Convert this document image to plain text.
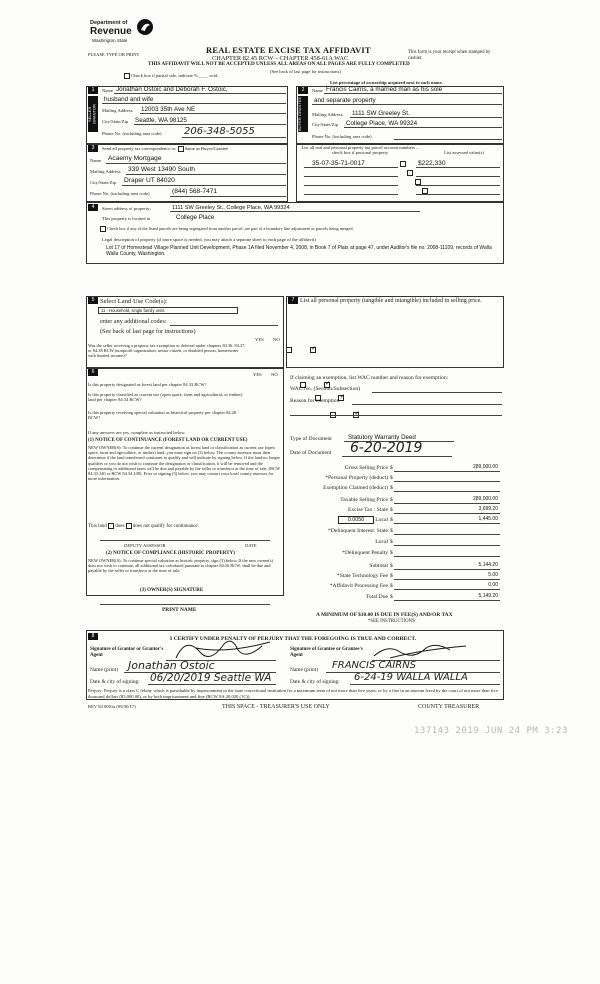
Department of
Revenue
Washington State
PLEASE TYPE OR PRINT	REAL ESTATE EXCISE TAX AFFIDAVIT
CHAPTER 82.45 RCW – CHAPTER 458-61A WAC
THIS AFFIDAVIT WILL NOT BE ACCEPTED UNLESS ALL AREAS ON ALL PAGES ARE FULLY COMPLETED
(See back of last page for instructions)
This form is your receipt when stamped by cashier.
Check box if partial sale, indicate % ____ sold.
List percentage of ownership acquired next to each name.
1
SELLER GRANTOR
Name Jonathan Ostoic and Deborah F. Ostoic,
husband and wife
Mailing Address 12003 35th Ave NE
City/State/Zip Seattle, WA 98125
Phone No. (including area code) 206-348-5055
2
BUYER GRANTEE
Name Francis Cairns, a married man as his sole
and separate property
Mailing Address 1111 SW Greeley St.
City/State/Zip College Place, WA 99324
Phone No. (including area code)
3	Send all property tax correspondence to: Same as Buyer/Grantee
Name Acaemy Mortgage
Mailing Address 339 West 13490 South
City/State/Zip Draper UT 84020
Phone No. (including area code)	(844) 568-7471
List all real and personal property tax parcel account numbers – check box if personal property	List assessed value(s)
35-07-35-71-0017	$222,330

4	Street address of property:	1111 SW Greeley St., College Place, WA 99324
This property is located in	College Place
Check box if any of the listed parcels are being segregated from another parcel, are part of a boundary line adjustment or parcels being merged.
Legal description of property (if more space is needed, you may attach a separate sheet to each page of the affidavit)
Lot 17 of Homestead Village Planned Unit Development, Phase 1A filed November 4, 2008, in Book 7 of Plats at page 47, under Auditor's file no. 2008-11109, records of Walla Walla County, Washington.
5 Select Land Use Code(s):
11 - Household, single family units
enter any additional codes:
(See back of last page for instructions)
YES NO
Was the seller receiving a property tax exemption or deferral under chapters 84.36, 84.37, or 84.38 RCW (nonprofit organization, senior citizen, or disabled person, homeowner with limited income)?
✓
7 List all personal property (tangible and intangible) included in selling price.
6	YES NO
Is this property designated as forest land per chapter 84.33 RCW?
✓
Is this property classified as current use (open space, farm and agricultural, or timber) land per chapter 84.34 RCW?
✓
Is this property receiving special valuation as historical property per chapter 84.26 RCW?
✓
If any answers are yes, complete as instructed below.
(1) NOTICE OF CONTINUANCE (FOREST LAND OR CURRENT USE)
NEW OWNER(S): To continue the current designation as forest land or classification as current use (open space, farm and agriculture, or timber) land, you must sign on (3) below. The county assessor must then determine if the land transferred continues to qualify and will indicate by signing below. If the land no longer qualifies or you do not wish to continue the designation or classification, it will be removed and the compensating or additional taxes will be due and payable by the seller or transferor at the time of sale. (RCW 84.33.140 or RCW 84.34.108). Prior to signing (3) below, you may contact your local county assessor for more information.
This land does does not qualify for continuance.
DEPUTY ASSESSOR	DATE
(2) NOTICE OF COMPLIANCE (HISTORIC PROPERTY)
NEW OWNER(S): To continue special valuation as historic property, sign (3) below. If the new owner(s) does not wish to continue, all additional tax calculated pursuant to chapter 84.26 RCW, shall be due and payable by the seller or transferor at the time of sale.
(3) OWNER(S) SIGNATURE
PRINT NAME
If claiming an exemption, list WAC number and reason for exemption:
WAC No. (Section/Subsection)
Reason for exemption
Type of Document	Statutory Warranty Deed
Date of Document 6-20-2019
Gross Selling Price $	289,000.00
*Personal Property (deduct) $
Exemption Claimed (deduct) $
Taxable Selling Price $	289,000.00
Excise Tax : State $	3,699.20
0.0050	Local $	1,445.00
*Delinquent Interest: State $
Local $
*Delinquent Penalty $
Subtotal $	5,144.20
*State Technology Fee $	5.00
*Affidavit Processing Fee $	0.00
Total Due $	5,149.20
A MINIMUM OF $10.00 IS DUE IN FEE(S) AND/OR TAX
*SEE INSTRUCTIONS
8	I CERTIFY UNDER PENALTY OF PERJURY THAT THE FOREGOING IS TRUE AND CORRECT.
Signature of Grantor or Grantor's Agent
Name (print) Jonathan Ostoic
Date & city of signing: 06/20/2019 Seattle WA
Signature of Grantee or Grantee's Agent
Name (print) FRANCIS CAIRNS
Date & city of signing: 6-24-19 WALLA WALLA
Perjury: Perjury is a class C felony which is punishable by imprisonment in the state correctional institution for a maximum term of not more than five years, or by a fine in an amount fixed by the court of not more than five thousand dollars ($5,000.00), or by both imprisonment and fine (RCW 9A.20.020 (1C)).
REV 84 0001a (09/30/17)	THIS SPACE - TREASURER'S USE ONLY	COUNTY TREASURER
137143 2019 JUN 24 PM 3:23
